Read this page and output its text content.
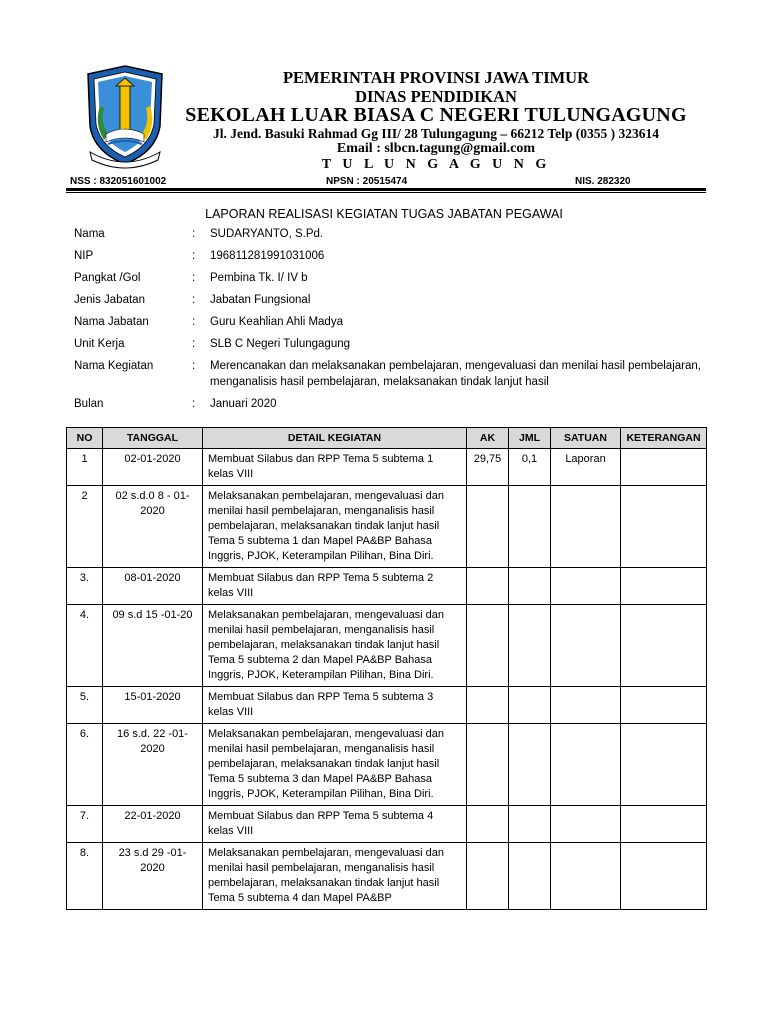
PEMERINTAH PROVINSI JAWA TIMUR
DINAS PENDIDIKAN
SEKOLAH LUAR BIASA C NEGERI TULUNGAGUNG
Jl. Jend. Basuki Rahmad Gg III/ 28 Tulungagung – 66212 Telp (0355 ) 323614
Email : slbcn.tagung@gmail.com
T U L U N G A G U N G
NSS : 832051601002	NPSN : 20515474	NIS. 282320
LAPORAN REALISASI KEGIATAN TUGAS JABATAN PEGAWAI
Nama	:	SUDARYANTO, S.Pd.
NIP	:	196811281991031006
Pangkat /Gol	:	Pembina Tk. I/ IV b
Jenis Jabatan	:	Jabatan Fungsional
Nama Jabatan	:	Guru Keahlian Ahli Madya
Unit Kerja	:	SLB C Negeri Tulungagung
Nama Kegiatan	:	Merencanakan dan melaksanakan pembelajaran, mengevaluasi dan menilai hasil pembelajaran, menganalisis hasil pembelajaran, melaksanakan tindak lanjut hasil
Bulan	:	Januari 2020
NO	TANGGAL	DETAIL KEGIATAN	AK	JML	SATUAN	KETERANGAN
1	02-01-2020	Membuat Silabus dan RPP Tema 5 subtema 1 kelas VIII	29,75	0,1	Laporan	
2	02 s.d.0 8 - 01-2020	Melaksanakan pembelajaran, mengevaluasi dan menilai hasil pembelajaran, menganalisis hasil pembelajaran, melaksanakan tindak lanjut hasil Tema 5 subtema 1 dan Mapel PA&BP Bahasa Inggris, PJOK, Keterampilan Pilihan, Bina Diri.				
3.	08-01-2020	Membuat Silabus dan RPP Tema 5 subtema 2 kelas VIII				
4.	09 s.d 15 -01-20	Melaksanakan pembelajaran, mengevaluasi dan menilai hasil pembelajaran, menganalisis hasil pembelajaran, melaksanakan tindak lanjut hasil Tema 5 subtema 2 dan Mapel PA&BP Bahasa Inggris, PJOK, Keterampilan Pilihan, Bina Diri.				
5.	15-01-2020	Membuat Silabus dan RPP Tema 5 subtema 3 kelas VIII				
6.	16 s.d. 22 -01-2020	Melaksanakan pembelajaran, mengevaluasi dan menilai hasil pembelajaran, menganalisis hasil pembelajaran, melaksanakan tindak lanjut hasil Tema 5 subtema 3 dan Mapel PA&BP Bahasa Inggris, PJOK, Keterampilan Pilihan, Bina Diri.				
7.	22-01-2020	Membuat Silabus dan RPP Tema 5 subtema 4 kelas VIII				
8.	23 s.d 29 -01-2020	Melaksanakan pembelajaran, mengevaluasi dan menilai hasil pembelajaran, menganalisis hasil pembelajaran, melaksanakan tindak lanjut hasil Tema 5 subtema 4 dan Mapel PA&BP				
